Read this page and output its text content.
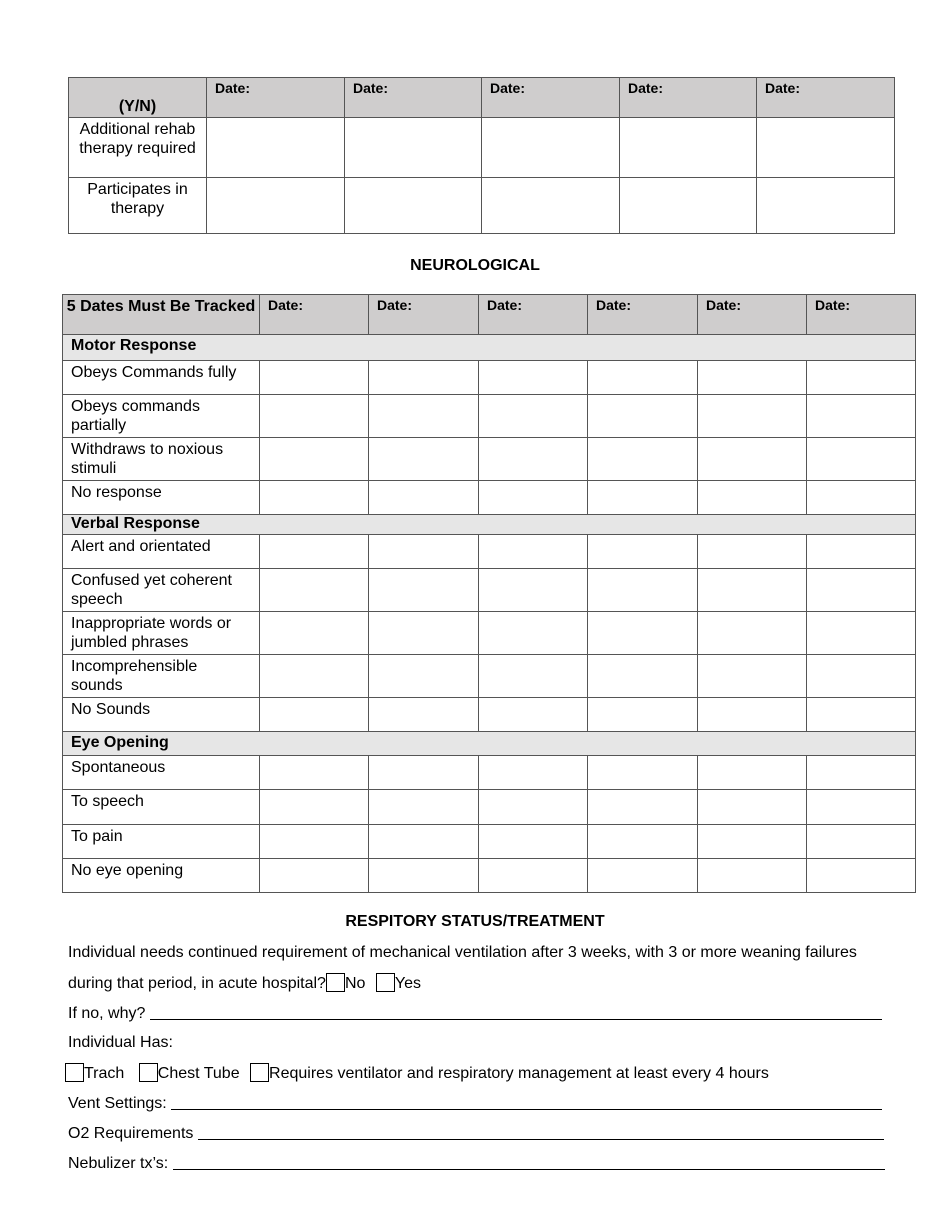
(Y/N)	Date:	Date:	Date:	Date:	Date:
Additional rehab therapy required					
Participates in therapy					
NEUROLOGICAL
5 Dates Must Be Tracked	Date:	Date:	Date:	Date:	Date:	Date:
Motor Response						
Obeys Commands fully						
Obeys commands partially						
Withdraws to noxious stimuli						
No response						
Verbal Response						
Alert and orientated						
Confused yet coherent speech						
Inappropriate words or jumbled phrases						
Incomprehensible sounds						
No Sounds						
Eye Opening						
Spontaneous						
To speech						
To pain						
No eye opening						
RESPITORY STATUS/TREATMENT
Individual needs continued requirement of mechanical ventilation after 3 weeks, with 3 or more weaning failures
during that period, in acute hospital? No Yes
If no, why?
Individual Has:
Trach Chest Tube Requires ventilator and respiratory management at least every 4 hours
Vent Settings:
O2 Requirements
Nebulizer tx’s:
